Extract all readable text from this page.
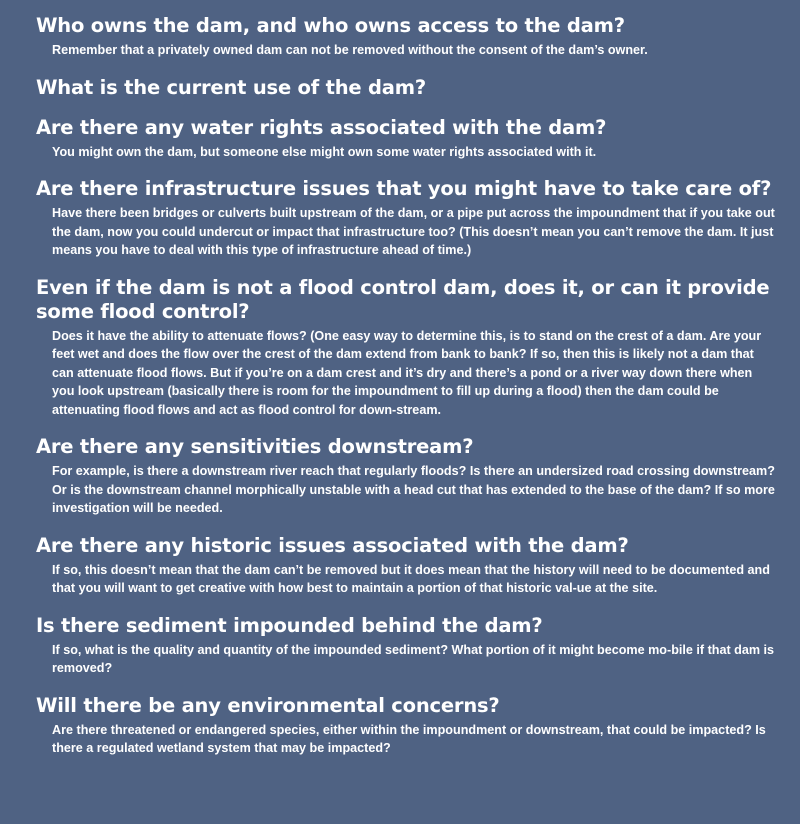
Who owns the dam, and who owns access to the dam?

Remember that a privately owned dam can not be removed without the consent of the dam’s owner.

What is the current use of the dam?
Are there any water rights associated with the dam?

You might own the dam, but someone else might own some water rights associated with it.

Are there infrastructure issues that you might have to take care of?

Have there been bridges or culverts built upstream of the dam, or a pipe put across the impoundment that if you take out the dam, now you could undercut or impact that infrastructure too? (This doesn’t mean you can’t remove the dam. It just means you have to deal with this type of infrastructure ahead of time.)

Even if the dam is not a flood control dam, does it, or can it provide some flood control?

Does it have the ability to attenuate flows? (One easy way to determine this, is to stand on the crest of a dam. Are your feet wet and does the flow over the crest of the dam extend from bank to bank? If so, then this is likely not a dam that can attenuate flood flows. But if you’re on a dam crest and it’s dry and there’s a pond or a river way down there when you look upstream (basically there is room for the impoundment to fill up during a flood) then the dam could be attenuating flood flows and act as flood control for down-stream.

Are there any sensitivities downstream?

For example, is there a downstream river reach that regularly floods? Is there an undersized road crossing downstream? Or is the downstream channel morphically unstable with a head cut that has extended to the base of the dam? If so more investigation will be needed.

Are there any historic issues associated with the dam?

If so, this doesn’t mean that the dam can’t be removed but it does mean that the history will need to be documented and that you will want to get creative with how best to maintain a portion of that historic val-ue at the site.

Is there sediment impounded behind the dam?

If so, what is the quality and quantity of the impounded sediment? What portion of it might become mo-bile if that dam is removed?

Will there be any environmental concerns?

Are there threatened or endangered species, either within the impoundment or downstream, that could be impacted? Is there a regulated wetland system that may be impacted?
